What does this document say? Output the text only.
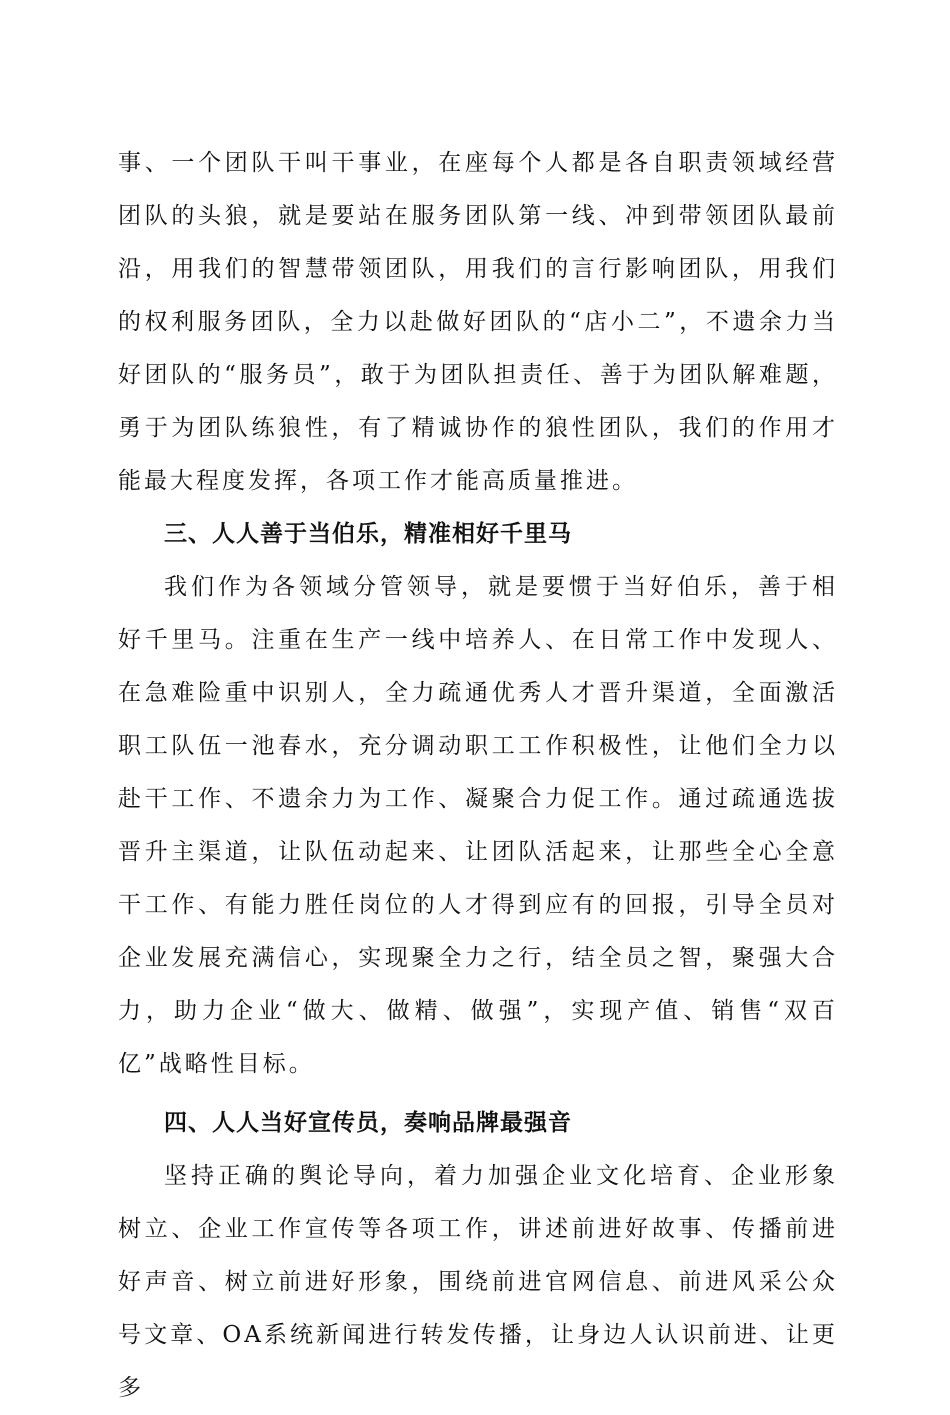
事、一个团队干叫干事业，在座每个人都是各自职责领域经营团队的头狼，就是要站在服务团队第一线、冲到带领团队最前沿，用我们的智慧带领团队，用我们的言行影响团队，用我们的权利服务团队，全力以赴做好团队的“店小二”，不遗余力当好团队的“服务员”，敢于为团队担责任、善于为团队解难题，勇于为团队练狼性，有了精诚协作的狼性团队，我们的作用才能最大程度发挥，各项工作才能高质量推进。

三、人人善于当伯乐，精准相好千里马

我们作为各领域分管领导，就是要惯于当好伯乐，善于相好千里马。注重在生产一线中培养人、在日常工作中发现人、在急难险重中识别人，全力疏通优秀人才晋升渠道，全面激活职工队伍一池春水，充分调动职工工作积极性，让他们全力以赴干工作、不遗余力为工作、凝聚合力促工作。通过疏通选拔晋升主渠道，让队伍动起来、让团队活起来，让那些全心全意干工作、有能力胜任岗位的人才得到应有的回报，引导全员对企业发展充满信心，实现聚全力之行，结全员之智，聚强大合力，助力企业“做大、做精、做强”，实现产值、销售“双百亿”战略性目标。

四、人人当好宣传员，奏响品牌最强音

坚持正确的舆论导向，着力加强企业文化培育、企业形象树立、企业工作宣传等各项工作，讲述前进好故事、传播前进好声音、树立前进好形象，围绕前进官网信息、前进风采公众号文章、OA系统新闻进行转发传播，让身边人认识前进、让更多
